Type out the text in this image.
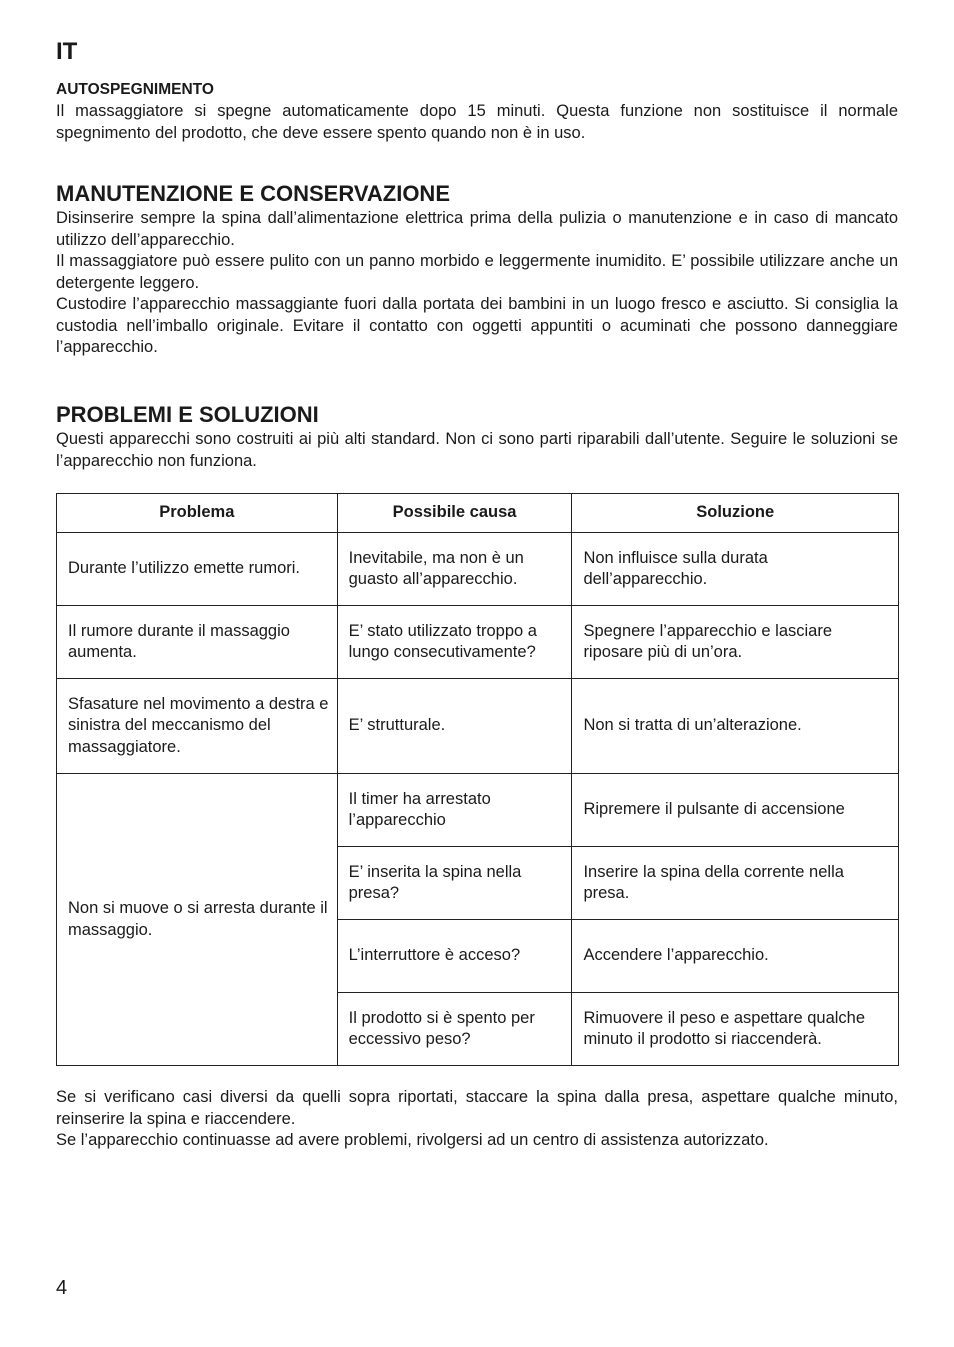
IT
AUTOSPEGNIMENTO
Il massaggiatore si spegne automaticamente dopo 15 minuti. Questa funzione non sostituisce il normale spegnimento del prodotto, che deve essere spento quando non è in uso.
MANUTENZIONE E CONSERVAZIONE

Disinserire sempre la spina dall’alimentazione elettrica prima della pulizia o manutenzione e in caso di mancato utilizzo dell’apparecchio.

Il massaggiatore può essere pulito con un panno morbido e leggermente inumidito. E’ possibile utilizzare anche un detergente leggero.

Custodire l’apparecchio massaggiante fuori dalla portata dei bambini in un luogo fresco e asciutto. Si consiglia la custodia nell’imballo originale. Evitare il contatto con oggetti appuntiti o acuminati che possono danneggiare l’apparecchio.

PROBLEMI E SOLUZIONI
Questi apparecchi sono costruiti ai più alti standard. Non ci sono parti riparabili dall’utente. Seguire le soluzioni se l’apparecchio non funziona.
Problema	Possibile causa	Soluzione
Durante l’utilizzo emette rumori.	Inevitabile, ma non è un guasto all’apparecchio.	Non influisce sulla durata dell’apparecchio.
Il rumore durante il massaggio aumenta.	E’ stato utilizzato troppo a lungo consecutivamente?	Spegnere l’apparecchio e lasciare riposare più di un’ora.
Sfasature nel movimento a destra e sinistra del meccanismo del massaggiatore.	E’ strutturale.	Non si tratta di un’alterazione.
Non si muove o si arresta durante il massaggio.	Il timer ha arrestato l’apparecchio	Ripremere il pulsante di accensione
	E’ inserita la spina nella presa?	Inserire la spina della corrente nella presa.
	L’interruttore è acceso?	Accendere l’apparecchio.
	Il prodotto si è spento per eccessivo peso?	Rimuovere il peso e aspettare qualche minuto il prodotto si riaccenderà.

Se si verificano casi diversi da quelli sopra riportati, staccare la spina dalla presa, aspettare qualche minuto, reinserire la spina e riaccendere.

Se l’apparecchio continuasse ad avere problemi, rivolgersi ad un centro di assistenza autorizzato.

4
